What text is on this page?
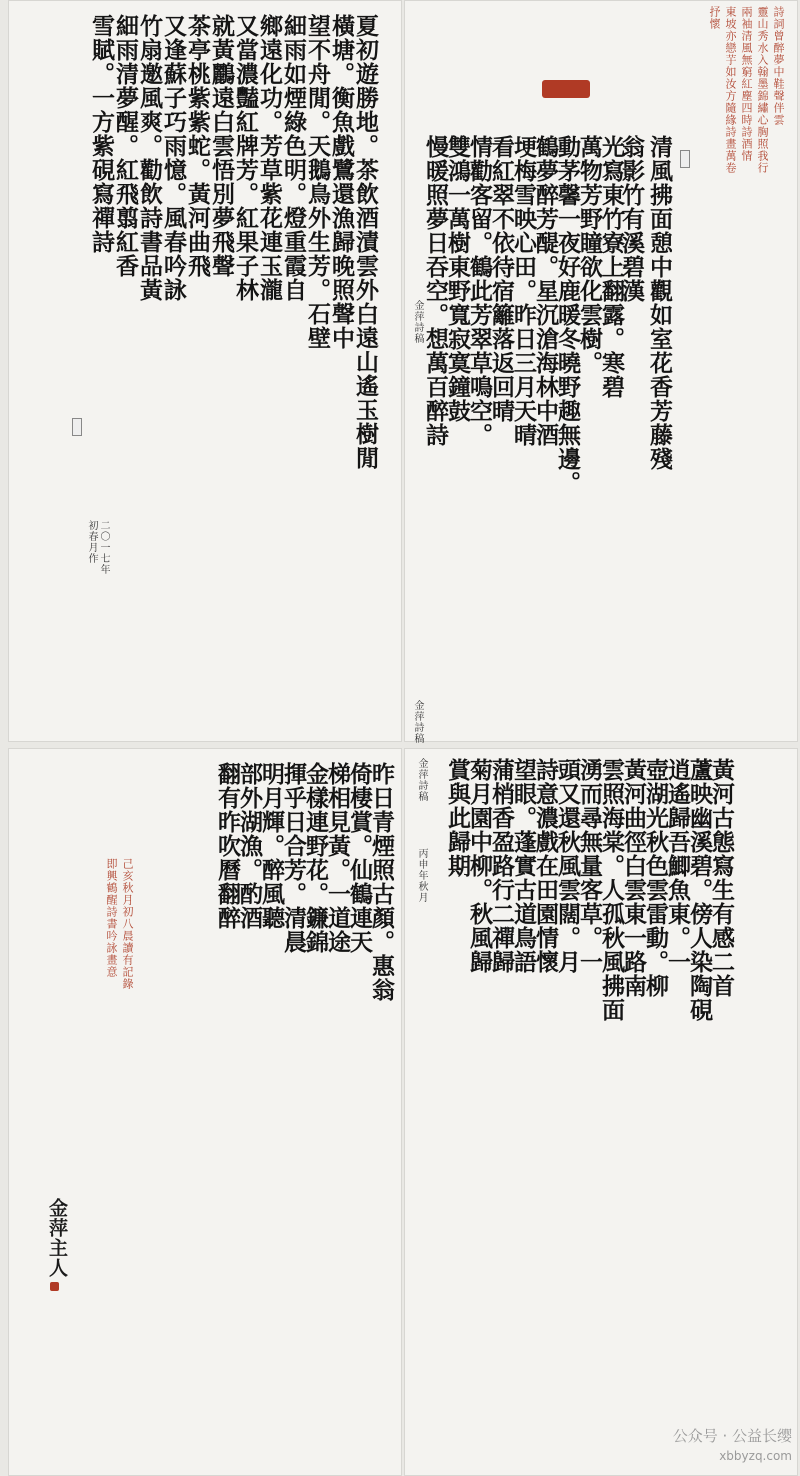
東坡亦戀芋如汝方隨緣詩畫萬卷 兩袖清風無窮紅塵四時詩酒情 靈山秀水入翰墨錦繡心胸照我行 詩詞曾醉夢中鞋聲伴雲
抒懷
清風拂面憩中觀如室花香芳藤殘
翁影竹有溪碧漢
光寫東竹寮上翻露。寒碧
萬物芳野瞳欲化雲樹。
動茅馨一夜好鹿暖冬曉野趣無邊。
鶴夢醉芳醍。星沉滄海林中酒
埂梅雪映心田。昨日三月天晴
看紅翠不依待宿籬落返回晴
情勸客留。鶴此芳翠草鳴空。
雙鴻一萬樹東野寬寂寞鐘鼓
慢暖照夢日吞空。想萬百醉詩
金萍詩稿
金萍詩稿
夏初遊勝地。茶飲酒漬雲外白遠山遙玉樹閒
橫塘。衡魚戲鷺還漁歸晚照聲中
望不舟閒。天鵝鳥外生芳。石壁
細雨如煙綠色明。燈重霞自
鄉遠化功。芳草紫花連玉瀧
又當濃豔紅牌芳。紅果子林
就黃鸝遠白雲悟別夢飛聲
茶亭桃紫紫蛇。黃河曲飛
又逢蘇子巧雨憶。風春吟詠
竹扇邀風爽。勸飲詩書品黃
細雨清夢醒。紅飛翦紅香
雪賦。一方紫硯寫禪詩
二〇一七年
初春月作
黃河古態寫生有感二首
蘆映幽溪碧。傍人染陶硯
逍遙歸吾鯽魚東。一
壺湖光秋色雲雷動。柳
黃河曲徑白雲東一路南
雲照海棠。人孤秋風拂面
湧而尋無量客草。一
頭又還秋風雲闊。月
詩意濃戲在田園情懷
望眼。蓬實古道鳥語
蒲梢香盈路行二禪歸
菊月園中柳。秋風歸
賞與此歸期
金萍詩稿
丙申年秋月
昨日青煙照古顏。惠翁
倚棲賞。仙鶴連天
梯相見黃。一道途
金樣連野花。鐮錦
揮乎日合芳。清晨
明月輝。醉風聽
部外湖漁。酌酒
翻有昨吹曆翻醉
己亥秋月初八晨讀有記錄
即興鶴醒詩書吟詠畫意
金萍主人
公众号 · 公益长缨
xbbyzq.com
